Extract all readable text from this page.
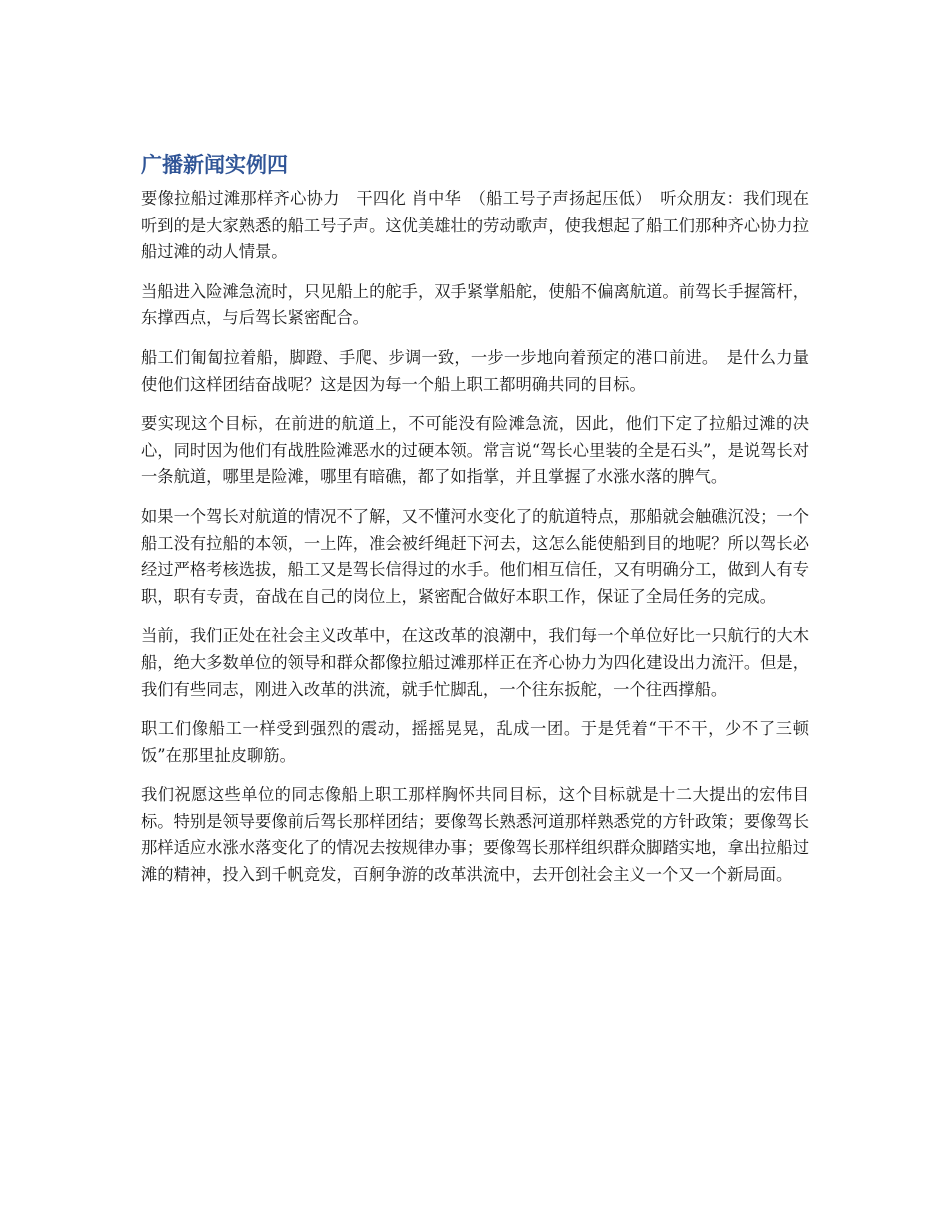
广播新闻实例四

要像拉船过滩那样齐心协力　干四化 肖中华　（船工号子声扬起压低）　听众朋友：我们现在听到的是大家熟悉的船工号子声。这优美雄壮的劳动歌声，使我想起了船工们那种齐心协力拉船过滩的动人情景。

当船进入险滩急流时，只见船上的舵手，双手紧掌船舵，使船不偏离航道。前驾长手握篙杆，东撑西点，与后驾长紧密配合。

船工们匍匐拉着船，脚蹬、手爬、步调一致，一步一步地向着预定的港口前进。　是什么力量使他们这样团结奋战呢？这是因为每一个船上职工都明确共同的目标。

要实现这个目标，在前进的航道上，不可能没有险滩急流，因此，他们下定了拉船过滩的决心，同时因为他们有战胜险滩恶水的过硬本领。常言说“驾长心里装的全是石头”，是说驾长对一条航道，哪里是险滩，哪里有暗礁，都了如指掌，并且掌握了水涨水落的脾气。

如果一个驾长对航道的情况不了解，又不懂河水变化了的航道特点，那船就会触礁沉没；一个船工没有拉船的本领，一上阵，准会被纤绳赶下河去，这怎么能使船到目的地呢？所以驾长必经过严格考核选拔，船工又是驾长信得过的水手。他们相互信任，又有明确分工，做到人有专职，职有专责，奋战在自己的岗位上，紧密配合做好本职工作，保证了全局任务的完成。

当前，我们正处在社会主义改革中，在这改革的浪潮中，我们每一个单位好比一只航行的大木船，绝大多数单位的领导和群众都像拉船过滩那样正在齐心协力为四化建设出力流汗。但是，我们有些同志，刚进入改革的洪流，就手忙脚乱，一个往东扳舵，一个往西撑船。

职工们像船工一样受到强烈的震动，摇摇晃晃，乱成一团。于是凭着“干不干，少不了三顿饭”在那里扯皮聊筋。

我们祝愿这些单位的同志像船上职工那样胸怀共同目标，这个目标就是十二大提出的宏伟目标。特别是领导要像前后驾长那样团结；要像驾长熟悉河道那样熟悉党的方针政策；要像驾长那样适应水涨水落变化了的情况去按规律办事；要像驾长那样组织群众脚踏实地，拿出拉船过滩的精神，投入到千帆竞发，百舸争游的改革洪流中，去开创社会主义一个又一个新局面。
